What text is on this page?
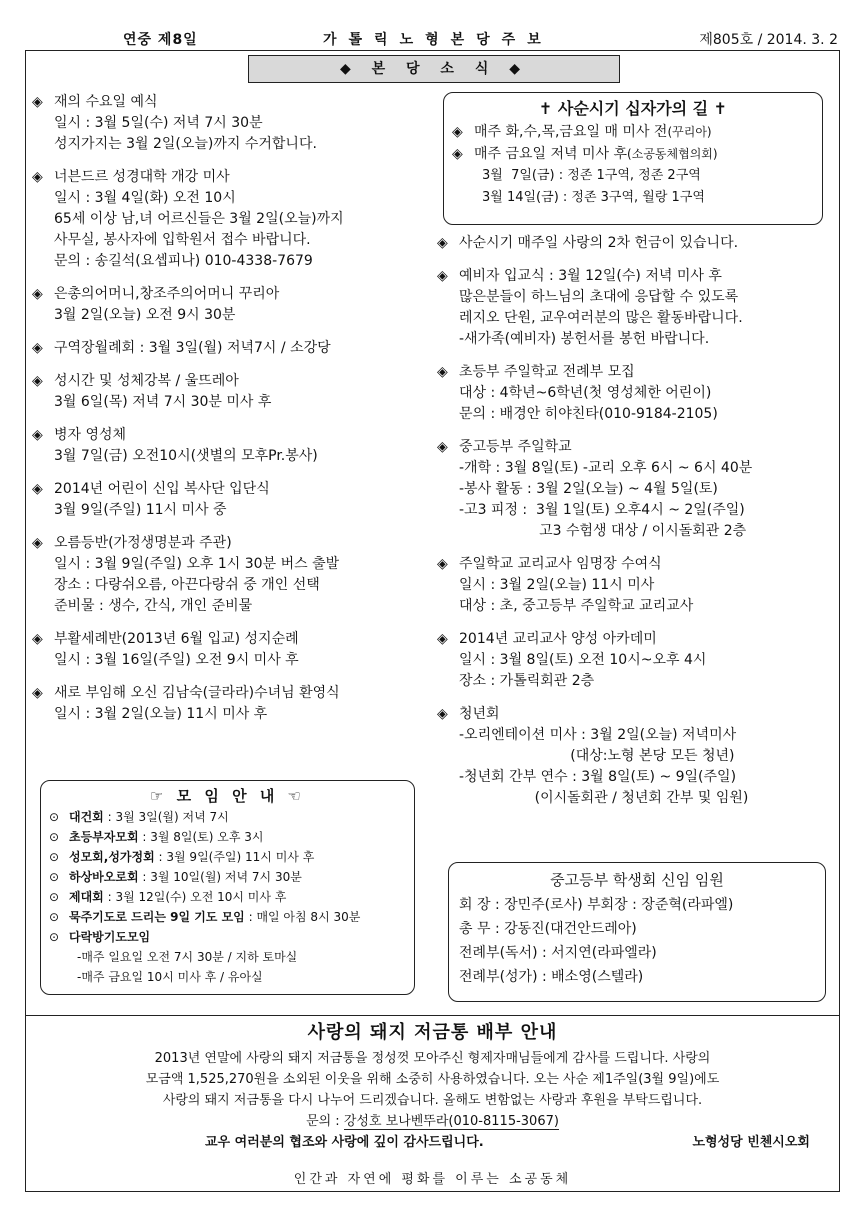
연중 제8일	가톨릭노형본당주보	제805호 / 2014. 3. 2
◆ 본 당 소 식 ◆
◈ 재의 수요일 예식
일시 : 3월 5일(수) 저녁 7시 30분
성지가지는 3월 2일(오늘)까지 수거합니다.
◈ 너븐드르 성경대학 개강 미사
일시 : 3월 4일(화) 오전 10시
65세 이상 남,녀 어르신들은 3월 2일(오늘)까지
사무실, 봉사자에 입학원서 접수 바랍니다.
문의 : 송길석(요셉피나) 010-4338-7679
◈ 은총의어머니,창조주의어머니 꾸리아
3월 2일(오늘) 오전 9시 30분
◈ 구역장월례회 : 3월 3일(월) 저녁7시 / 소강당
◈ 성시간 및 성체강복 / 울뜨레아
3월 6일(목) 저녁 7시 30분 미사 후
◈ 병자 영성체
3월 7일(금) 오전10시(샛별의 모후Pr.봉사)
◈ 2014년 어린이 신입 복사단 입단식
3월 9일(주일) 11시 미사 중
◈ 오름등반(가정생명분과 주관)
일시 : 3월 9일(주일) 오후 1시 30분 버스 출발
장소 : 다랑쉬오름, 아끈다랑쉬 중 개인 선택
준비물 : 생수, 간식, 개인 준비물
◈ 부활세례반(2013년 6월 입교) 성지순례
일시 : 3월 16일(주일) 오전 9시 미사 후
◈ 새로 부임해 오신 김남숙(글라라)수녀님 환영식
일시 : 3월 2일(오늘) 11시 미사 후
☞ 모 임 안 내 ☜
⊙ 대건회 : 3월 3일(월) 저녁 7시
⊙ 초등부자모회 : 3월 8일(토) 오후 3시
⊙ 성모회,성가정회 : 3월 9일(주일) 11시 미사 후
⊙ 하상바오로회 : 3월 10일(월) 저녁 7시 30분
⊙ 제대회 : 3월 12일(수) 오전 10시 미사 후
⊙ 묵주기도로 드리는 9일 기도 모임 : 매일 아침 8시 30분
⊙ 다락방기도모임
-매주 일요일 오전 7시 30분 / 지하 토마실
-매주 금요일 10시 미사 후 / 유아실
✝ 사순시기 십자가의 길 ✝
◈ 매주 화,수,목,금요일 매 미사 전(꾸리아)
◈ 매주 금요일 저녁 미사 후(소공동체협의회)
3월  7일(금) : 정존 1구역, 정존 2구역
3월 14일(금) : 정존 3구역, 월랑 1구역
◈ 사순시기 매주일 사랑의 2차 헌금이 있습니다.
◈ 예비자 입교식 : 3월 12일(수) 저녁 미사 후
많은분들이 하느님의 초대에 응답할 수 있도록
레지오 단원, 교우여러분의 많은 활동바랍니다.
-새가족(예비자) 봉헌서를 봉헌 바랍니다.
◈ 초등부 주일학교 전례부 모집
대상 : 4학년~6학년(첫 영성체한 어린이)
문의 : 배경안 히야친타(010-9184-2105)
◈ 중고등부 주일학교
-개학 : 3월 8일(토) -교리 오후 6시 ~ 6시 40분
-봉사 활동 : 3월 2일(오늘) ~ 4월 5일(토)
-고3 피정 :  3월 1일(토) 오후4시 ~ 2일(주일)
고3 수험생 대상 / 이시돌회관 2층
◈ 주일학교 교리교사 임명장 수여식
일시 : 3월 2일(오늘) 11시 미사
대상 : 초, 중고등부 주일학교 교리교사
◈ 2014년 교리교사 양성 아카데미
일시 : 3월 8일(토) 오전 10시~오후 4시
장소 : 가톨릭회관 2층
◈ 청년회
-오리엔테이션 미사 : 3월 2일(오늘) 저녁미사
(대상:노형 본당 모든 청년)
-청년회 간부 연수 : 3월 8일(토) ~ 9일(주일)
(이시돌회관 / 청년회 간부 및 임원)
중고등부 학생회 신임 임원
회 장 : 장민주(로사) 부회장 : 장준혁(라파엘)
총 무 : 강동진(대건안드레아)
전례부(독서) : 서지연(라파엘라)
전례부(성가) : 배소영(스텔라)
사랑의 돼지 저금통 배부 안내
2013년 연말에 사랑의 돼지 저금통을 정성껏 모아주신 형제자매님들에게 감사를 드립니다. 사랑의
모금액 1,525,270원을 소외된 이웃을 위해 소중히 사용하였습니다. 오는 사순 제1주일(3월 9일)에도
사랑의 돼지 저금통을 다시 나누어 드리겠습니다. 올해도 변함없는 사랑과 후원을 부탁드립니다.
문의 : 강성호 보나벤뚜라(010-8115-3067)
교우 여러분의 협조와 사랑에 깊이 감사드립니다.	노형성당 빈첸시오회
인간과 자연에 평화를 이루는 소공동체
